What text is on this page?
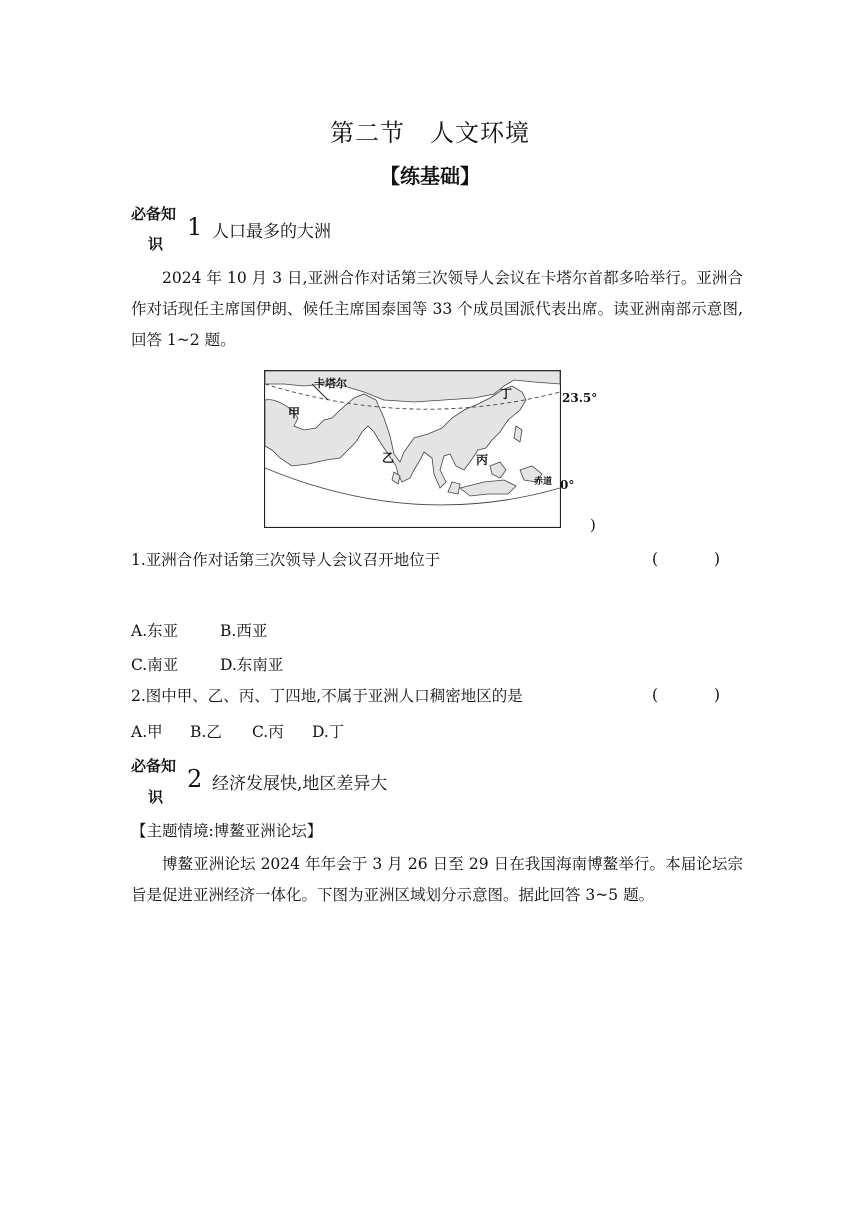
第二节　人文环境
【练基础】
必备知
识
1 人口最多的大洲
2024 年 10 月 3 日,亚洲合作对话第三次领导人会议在卡塔尔首都多哈举行。亚洲合作对话现任主席国伊朗、候任主席国泰国等 33 个成员国派代表出席。读亚洲南部示意图,回答 1~2 题。
卡塔尔
甲
乙	丙
丁
赤道
23.5°
0°
)
1.亚洲合作对话第三次领导人会议召开地位于	(	)
A.东亚	B.西亚
C.南亚	D.东南亚
2.图中甲、乙、丙、丁四地,不属于亚洲人口稠密地区的是	(	)
A.甲 B.乙 C.丙 D.丁
必备知
识
2 经济发展快,地区差异大
【主题情境:博鳌亚洲论坛】
博鳌亚洲论坛 2024 年年会于 3 月 26 日至 29 日在我国海南博鳌举行。本届论坛宗旨是促进亚洲经济一体化。下图为亚洲区域划分示意图。据此回答 3~5 题。
